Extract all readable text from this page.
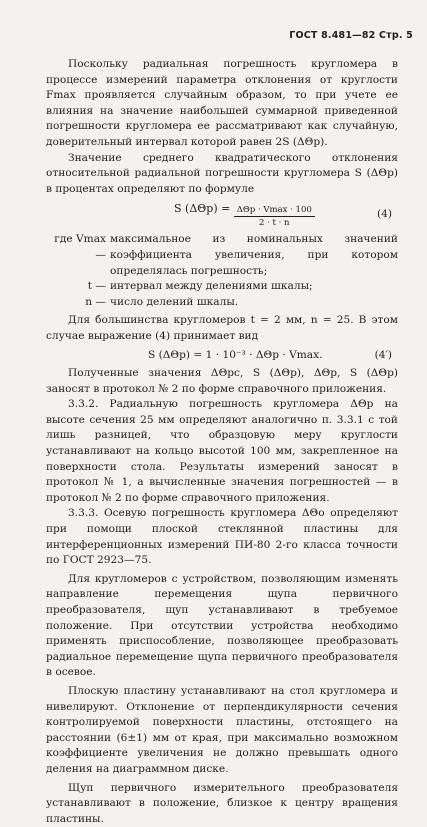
ГОСТ 8.481—82 Стр. 5

Поскольку радиальная погрешность кругломера в процессе измерений параметра отклонения от круглости Fmax проявляется случайным образом, то при учете ее влияния на значение наибольшей суммарной приведенной погрешности кругломера ее рассматривают как случайную, доверительный интервал которой равен 2S (ΔΘр).

Значение среднего квадратического отклонения относительной радиальной погрешности кругломера S (ΔΘр) в процентах определяют по формуле

S $(\Delta\Theta р) = \frac{\text{ΔΘр · Vmax · 100}}{2 \cdot t \cdot n}$	(4)
где Vmax —
максимальное из номинальных значений коэффициента увеличения, при котором определялась погрешность;
t — интервал между делениями шкалы;
n — число делений шкалы.

Для большинства кругломеров t = 2 мм, n = 25. В этом случае выражение (4) принимает вид

S (ΔΘр) = 1 · 10⁻³ · ΔΘр · Vmax.	(4′)

Полученные значения ΔΘрс, S (ΔΘр), ΔΘр, S (ΔΘр) заносят в протокол № 2 по форме справочного приложения.

3.3.2. Радиальную погрешность кругломера ΔΘр на высоте сечения 25 мм определяют аналогично п. 3.3.1 с той лишь разницей, что образцовую меру круглости устанавливают на кольцо высотой 100 мм, закрепленное на поверхности стола. Результаты измерений заносят в протокол № 1, а вычисленные значения погрешностей — в протокол № 2 по форме справочного приложения.

3.3.3. Осевую погрешность кругломера ΔΘо определяют при помощи плоской стеклянной пластины для интерференционных измерений ПИ-80 2-го класса точности по ГОСТ 2923—75.

Для кругломеров с устройством, позволяющим изменять направление перемещения щупа первичного преобразователя, щуп устанавливают в требуемое положение. При отсутствии устройства необходимо применять приспособление, позволяющее преобразовать радиальное перемещение щупа первичного преобразователя в осевое.

Плоскую пластину устанавливают на стол кругломера и нивелируют. Отклонение от перпендикулярности сечения контролируемой поверхности пластины, отстоящего на расстоянии (6±1) мм от края, при максимально возможном коэффициенте увеличения не должно превышать одного деления на диаграммном диске.

Щуп первичного измерительного преобразователя устанавливают в положение, близкое к центру вращения пластины.
